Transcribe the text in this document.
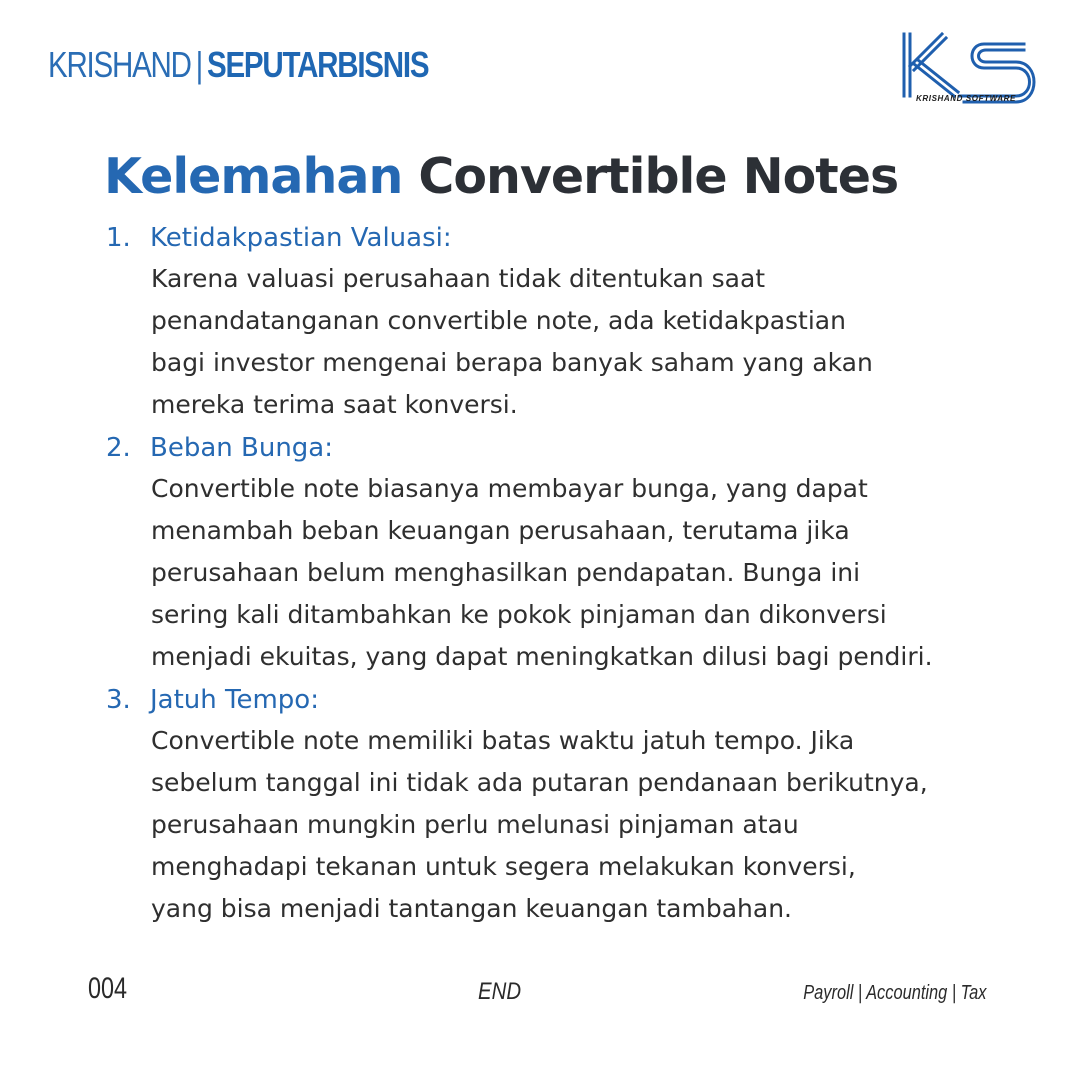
KRISHAND | SEPUTARBISNIS
KRISHAND SOFTWARE
Kelemahan Convertible Notes
1. Ketidakpastian Valuasi:
Karena valuasi perusahaan tidak ditentukan saat
penandatanganan convertible note, ada ketidakpastian
bagi investor mengenai berapa banyak saham yang akan
mereka terima saat konversi.
2. Beban Bunga:
Convertible note biasanya membayar bunga, yang dapat
menambah beban keuangan perusahaan, terutama jika
perusahaan belum menghasilkan pendapatan. Bunga ini
sering kali ditambahkan ke pokok pinjaman dan dikonversi
menjadi ekuitas, yang dapat meningkatkan dilusi bagi pendiri.
3. Jatuh Tempo:
Convertible note memiliki batas waktu jatuh tempo. Jika
sebelum tanggal ini tidak ada putaran pendanaan berikutnya,
perusahaan mungkin perlu melunasi pinjaman atau
menghadapi tekanan untuk segera melakukan konversi,
yang bisa menjadi tantangan keuangan tambahan.
004	END	Payroll | Accounting | Tax
